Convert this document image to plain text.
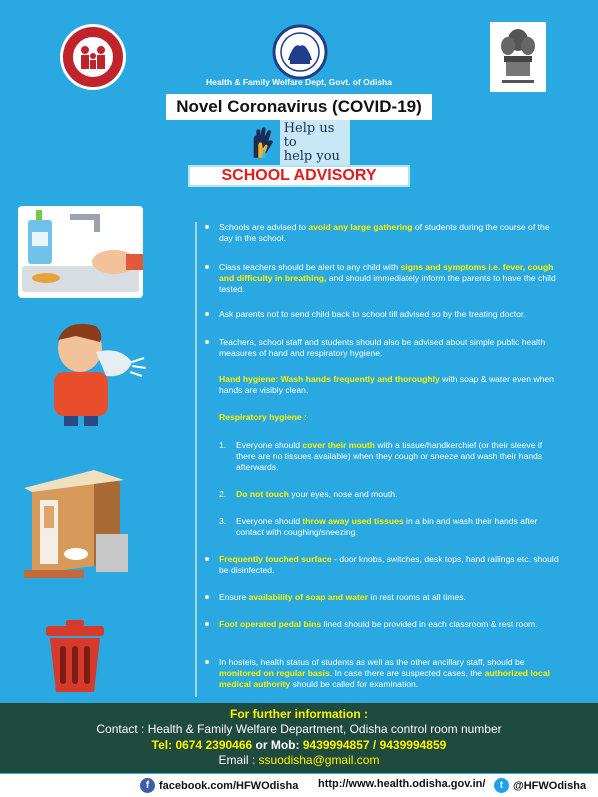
Health & Family Welfare Dept, Govt. of Odisha
Novel Coronavirus (COVID-19)
Help us to
help you
SCHOOL ADVISORY
Schools are advised to avoid any large gathering of students during the course of the day in the school.
Class teachers should be alert to any child with signs and symptoms i.e. fever, cough and difficulty in breathing, and should immediately inform the parents to have the child tested.
Ask parents not to send child back to school till advised so by the treating doctor.
Teachers, school staff and students should also be advised about simple public health measures of hand and respiratory hygiene.
Hand hygiene: Wash hands frequently and thoroughly with soap & water even when hands are visibly clean.
Respiratory hygiene :
1. Everyone should cover their mouth with a tissue/handkerchief (or their sleeve if there are no tissues available) when they cough or sneeze and wash their hands afterwards.
2. Do not touch your eyes, nose and mouth.
3. Everyone should throw away used tissues in a bin and wash their hands after contact with coughing/sneezing.
Frequently touched surface - door knobs, switches, desk tops, hand railings etc. should be disinfected.
Ensure availability of soap and water in rest rooms at all times.
Foot operated pedal bins lined should be provided in each classroom & rest room.
In hostels, health status of students as well as the other ancillary staff, should be monitored on regular basis. In case there are suspected cases, the authorized local medical authority should be called for examination.
For further information :
Contact : Health & Family Welfare Department, Odisha control room number
Tel: 0674 2390466 or Mob: 9439994857 / 9439994859
Email : ssuodisha@gmail.com
f facebook.com/HFWOdisha http://www.health.odisha.gov.in/	t @HFWOdisha
